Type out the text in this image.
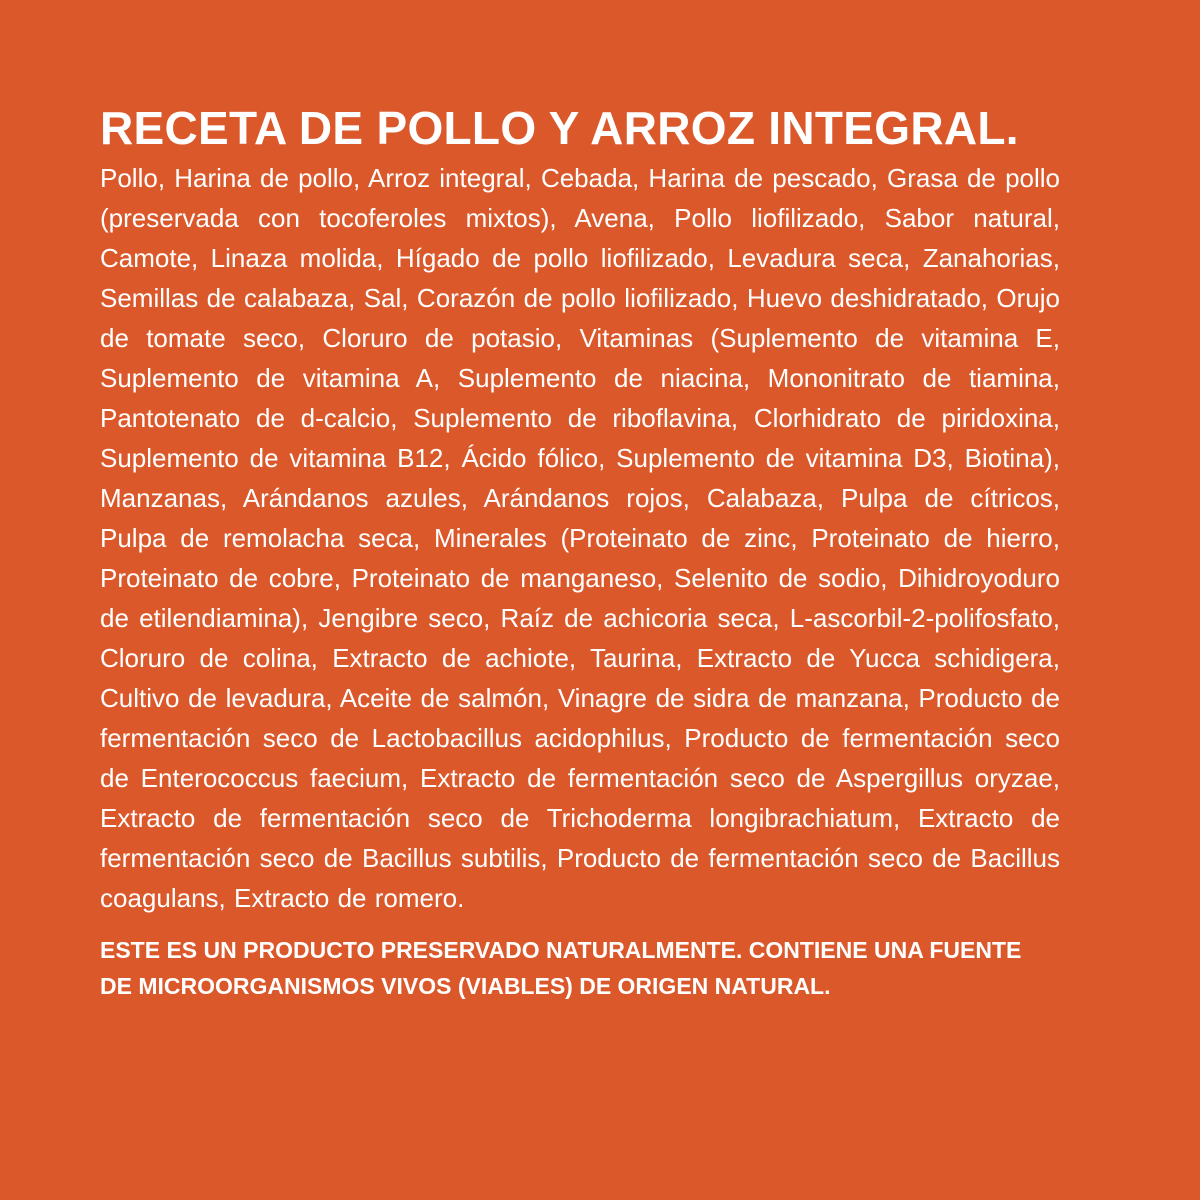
RECETA DE POLLO Y ARROZ INTEGRAL.

Pollo, Harina de pollo, Arroz integral, Cebada, Harina de pescado, Grasa de pollo (preservada con tocoferoles mixtos), Avena, Pollo liofilizado, Sabor natural, Camote, Linaza molida, Hígado de pollo liofilizado, Levadura seca, Zanahorias, Semillas de calabaza, Sal, Corazón de pollo liofilizado, Huevo deshidratado, Orujo de tomate seco, Cloruro de potasio, Vitaminas (Suplemento de vitamina E, Suplemento de vitamina A, Suplemento de niacina, Mononitrato de tiamina, Pantotenato de d-calcio, Suplemento de riboflavina, Clorhidrato de piridoxina, Suplemento de vitamina B12, Ácido fólico, Suplemento de vitamina D3, Biotina), Manzanas, Arándanos azules, Arándanos rojos, Calabaza, Pulpa de cítricos, Pulpa de remolacha seca, Minerales (Proteinato de zinc, Proteinato de hierro, Proteinato de cobre, Proteinato de manganeso, Selenito de sodio, Dihidroyoduro de etilendiamina), Jengibre seco, Raíz de achicoria seca, L-ascorbil-2-polifosfato, Cloruro de colina, Extracto de achiote, Taurina, Extracto de Yucca schidigera, Cultivo de levadura, Aceite de salmón, Vinagre de sidra de manzana, Producto de fermentación seco de Lactobacillus acidophilus, Producto de fermentación seco de Enterococcus faecium, Extracto de fermentación seco de Aspergillus oryzae, Extracto de fermentación seco de Trichoderma longibrachiatum, Extracto de fermentación seco de Bacillus subtilis, Producto de fermentación seco de Bacillus coagulans, Extracto de romero.

ESTE ES UN PRODUCTO PRESERVADO NATURALMENTE. CONTIENE UNA FUENTE DE MICROORGANISMOS VIVOS (VIABLES) DE ORIGEN NATURAL.
